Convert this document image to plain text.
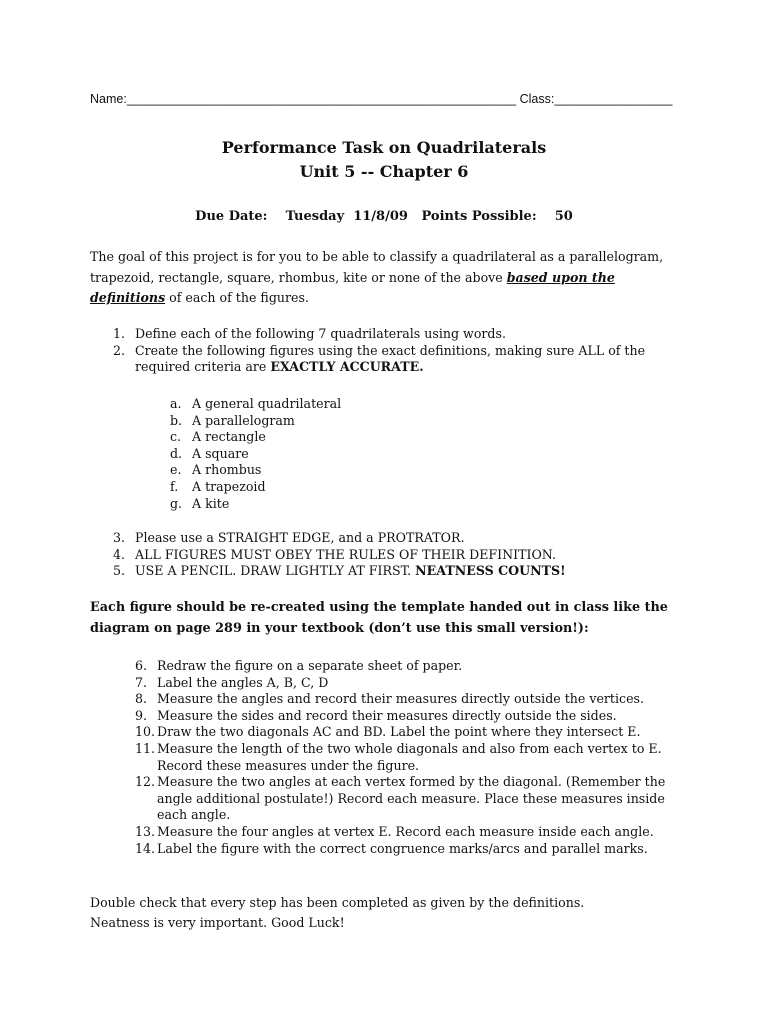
Name:________________________________________________________ Class:_________________
Performance Task on Quadrilaterals
Unit 5 -- Chapter 6
Due Date:    Tuesday  11/8/09   Points Possible:    50
The goal of this project is for you to be able to classify a quadrilateral as a parallelogram, trapezoid, rectangle, square, rhombus, kite or none of the above based upon the definitions of each of the figures.
1. Define each of the following 7 quadrilaterals using words.
2. Create the following figures using the exact definitions, making sure ALL of the required criteria are EXACTLY ACCURATE.
a. A general quadrilateral
b. A parallelogram
c. A rectangle
d. A square
e. A rhombus
f. A trapezoid
g. A kite
3. Please use a STRAIGHT EDGE, and a PROTRATOR.
4. ALL FIGURES MUST OBEY THE RULES OF THEIR DEFINITION.
5. USE A PENCIL. DRAW LIGHTLY AT FIRST. NEATNESS COUNTS!
Each figure should be re-created using the template handed out in class like the diagram on page 289 in your textbook (don’t use this small version!):
6. Redraw the figure on a separate sheet of paper.
7. Label the angles A, B, C, D
8. Measure the angles and record their measures directly outside the vertices.
9. Measure the sides and record their measures directly outside the sides.
10. Draw the two diagonals AC and BD. Label the point where they intersect E.
11. Measure the length of the two whole diagonals and also from each vertex to E. Record these measures under the figure.
12. Measure the two angles at each vertex formed by the diagonal. (Remember the angle additional postulate!) Record each measure. Place these measures inside each angle.
13. Measure the four angles at vertex E. Record each measure inside each angle.
14. Label the figure with the correct congruence marks/arcs and parallel marks.
Double check that every step has been completed as given by the definitions.
Neatness is very important. Good Luck!
